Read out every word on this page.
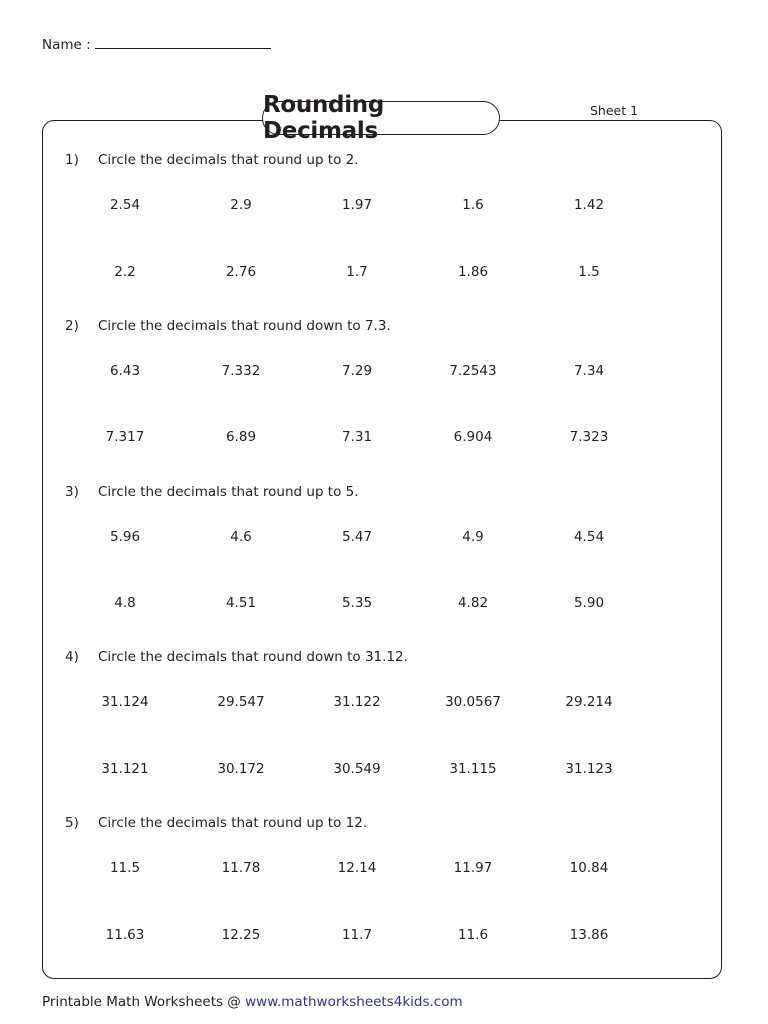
Name :
Rounding Decimals
Sheet 1
1) Circle the decimals that round up to 2.
2.54	2.9	1.97	1.6	1.42
2.2	2.76	1.7	1.86	1.5
2) Circle the decimals that round down to 7.3.
6.43	7.332	7.29	7.2543	7.34
7.317	6.89	7.31	6.904	7.323
3) Circle the decimals that round up to 5.
5.96	4.6	5.47	4.9	4.54
4.8	4.51	5.35	4.82	5.90
4) Circle the decimals that round down to 31.12.
31.124	29.547	31.122	30.0567	29.214
31.121	30.172	30.549	31.115	31.123
5) Circle the decimals that round up to 12.
11.5	11.78	12.14	11.97	10.84
11.63	12.25	11.7	11.6	13.86
Printable Math Worksheets @ www.mathworksheets4kids.com
